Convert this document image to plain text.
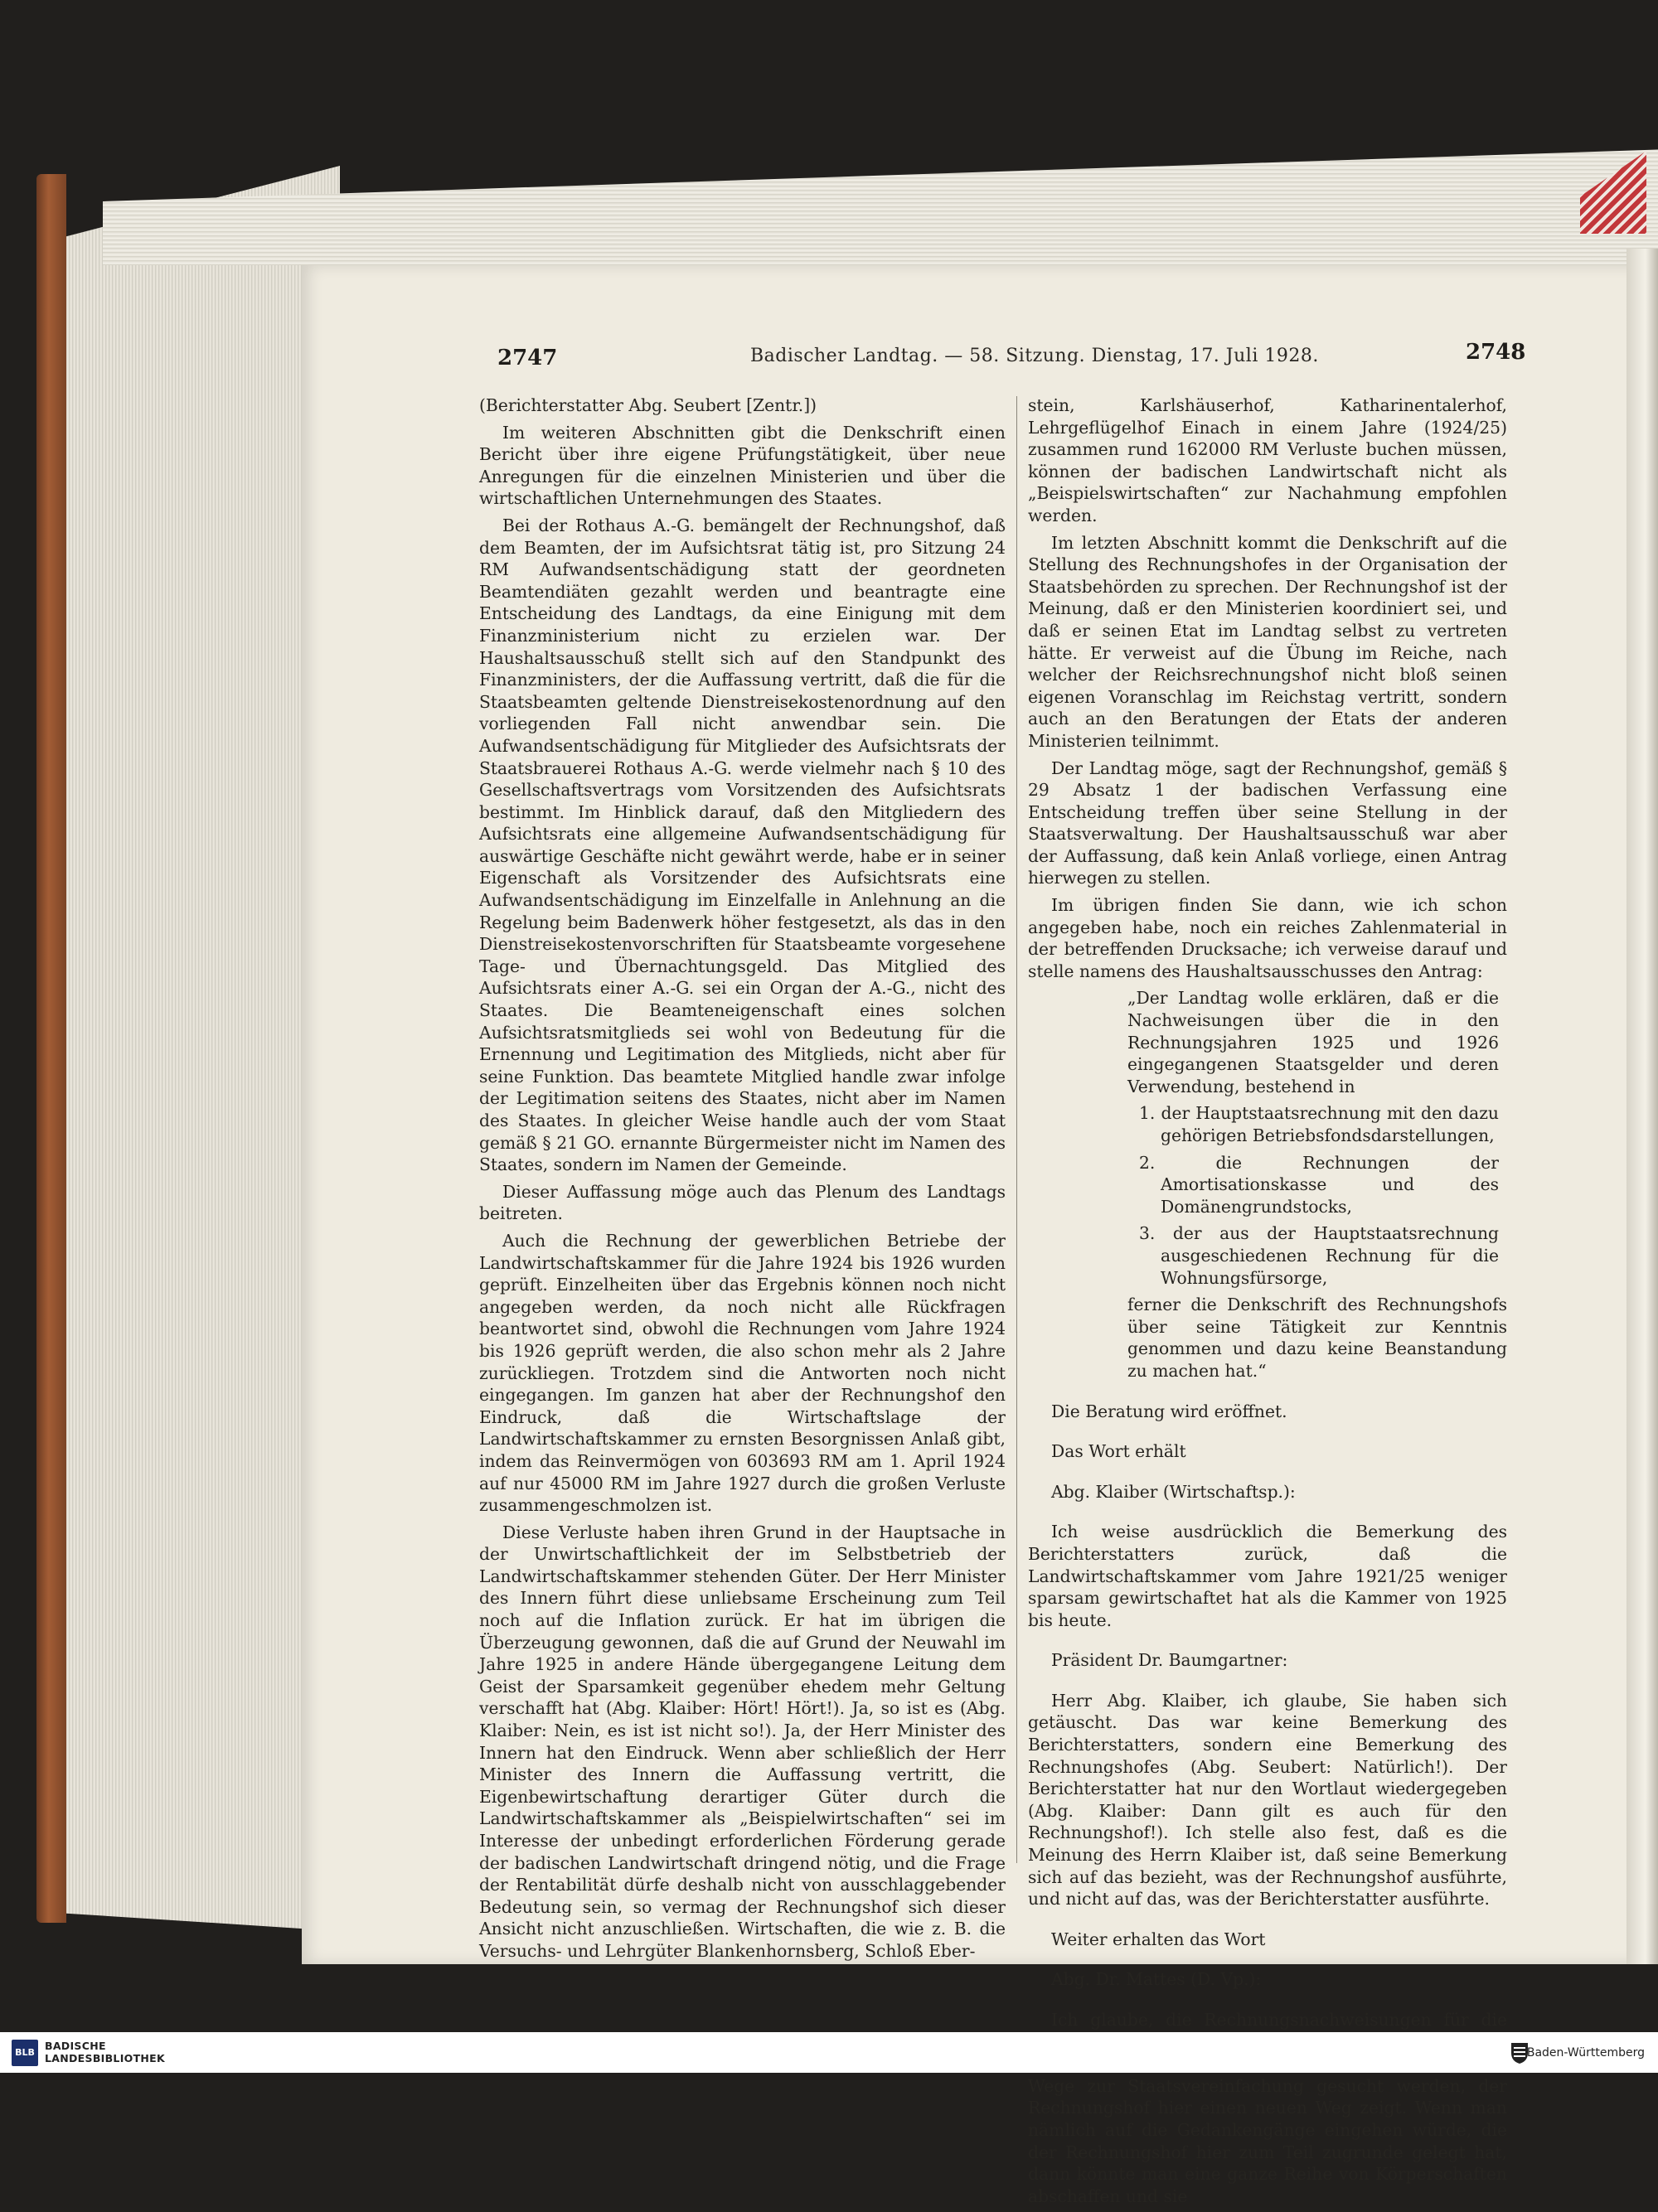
2747	Badischer Landtag. — 58. Sitzung. Dienstag, 17. Juli 1928.	2748

(Berichterstatter Abg. Seubert [Zentr.])

Im weiteren Abschnitten gibt die Denkschrift einen Bericht über ihre eigene Prüfungstätigkeit, über neue Anregungen für die einzelnen Ministerien und über die wirtschaftlichen Unternehmungen des Staates.

Bei der Rothaus A.-G. bemängelt der Rechnungshof, daß dem Beamten, der im Aufsichtsrat tätig ist, pro Sitzung 24 RM Aufwandsentschädigung statt der geordneten Beamtendiäten gezahlt werden und beantragte eine Entscheidung des Landtags, da eine Einigung mit dem Finanzministerium nicht zu erzielen war. Der Haushaltsausschuß stellt sich auf den Standpunkt des Finanzministers, der die Auffassung vertritt, daß die für die Staatsbeamten geltende Dienstreisekostenordnung auf den vorliegenden Fall nicht anwendbar sein. Die Aufwandsentschädigung für Mitglieder des Aufsichtsrats der Staatsbrauerei Rothaus A.-G. werde vielmehr nach § 10 des Gesellschaftsvertrags vom Vorsitzenden des Aufsichtsrats bestimmt. Im Hinblick darauf, daß den Mitgliedern des Aufsichtsrats eine allgemeine Aufwandsentschädigung für auswärtige Geschäfte nicht gewährt werde, habe er in seiner Eigenschaft als Vorsitzender des Aufsichtsrats eine Aufwandsentschädigung im Einzelfalle in Anlehnung an die Regelung beim Badenwerk höher festgesetzt, als das in den Dienstreisekostenvorschriften für Staatsbeamte vorgesehene Tage- und Übernachtungsgeld. Das Mitglied des Aufsichtsrats einer A.-G. sei ein Organ der A.-G., nicht des Staates. Die Beamteneigenschaft eines solchen Aufsichtsratsmitglieds sei wohl von Bedeutung für die Ernennung und Legitimation des Mitglieds, nicht aber für seine Funktion. Das beamtete Mitglied handle zwar infolge der Legitimation seitens des Staates, nicht aber im Namen des Staates. In gleicher Weise handle auch der vom Staat gemäß § 21 GO. ernannte Bürgermeister nicht im Namen des Staates, sondern im Namen der Gemeinde.

Dieser Auffassung möge auch das Plenum des Landtags beitreten.

Auch die Rechnung der gewerblichen Betriebe der Landwirtschaftskammer für die Jahre 1924 bis 1926 wurden geprüft. Einzelheiten über das Ergebnis können noch nicht angegeben werden, da noch nicht alle Rückfragen beantwortet sind, obwohl die Rechnungen vom Jahre 1924 bis 1926 geprüft werden, die also schon mehr als 2 Jahre zurückliegen. Trotzdem sind die Antworten noch nicht eingegangen. Im ganzen hat aber der Rechnungshof den Eindruck, daß die Wirtschaftslage der Landwirtschaftskammer zu ernsten Besorgnissen Anlaß gibt, indem das Reinvermögen von 603693 RM am 1. April 1924 auf nur 45000 RM im Jahre 1927 durch die großen Verluste zusammengeschmolzen ist.

Diese Verluste haben ihren Grund in der Hauptsache in der Unwirtschaftlichkeit der im Selbstbetrieb der Landwirtschaftskammer stehenden Güter. Der Herr Minister des Innern führt diese unliebsame Erscheinung zum Teil noch auf die Inflation zurück. Er hat im übrigen die Überzeugung gewonnen, daß die auf Grund der Neuwahl im Jahre 1925 in andere Hände übergegangene Leitung dem Geist der Sparsamkeit gegenüber ehedem mehr Geltung verschafft hat (Abg. Klaiber: Hört! Hört!). Ja, so ist es (Abg. Klaiber: Nein, es ist ist nicht so!). Ja, der Herr Minister des Innern hat den Eindruck. Wenn aber schließlich der Herr Minister des Innern die Auffassung vertritt, die Eigenbewirtschaftung derartiger Güter durch die Landwirtschaftskammer als „Beispielwirtschaften“ sei im Interesse der unbedingt erforderlichen Förderung gerade der badischen Landwirtschaft dringend nötig, und die Frage der Rentabilität dürfe deshalb nicht von ausschlaggebender Bedeutung sein, so vermag der Rechnungshof sich dieser Ansicht nicht anzuschließen. Wirtschaften, die wie z. B. die Versuchs- und Lehrgüter Blankenhornsberg, Schloß Eber-

stein, Karlshäuserhof, Katharinentalerhof, Lehrgeflügelhof Einach in einem Jahre (1924/25) zusammen rund 162000 RM Verluste buchen müssen, können der badischen Landwirtschaft nicht als „Beispielswirtschaften“ zur Nachahmung empfohlen werden.

Im letzten Abschnitt kommt die Denkschrift auf die Stellung des Rechnungshofes in der Organisation der Staatsbehörden zu sprechen. Der Rechnungshof ist der Meinung, daß er den Ministerien koordiniert sei, und daß er seinen Etat im Landtag selbst zu vertreten hätte. Er verweist auf die Übung im Reiche, nach welcher der Reichsrechnungshof nicht bloß seinen eigenen Voranschlag im Reichstag vertritt, sondern auch an den Beratungen der Etats der anderen Ministerien teilnimmt.

Der Landtag möge, sagt der Rechnungshof, gemäß § 29 Absatz 1 der badischen Verfassung eine Entscheidung treffen über seine Stellung in der Staatsverwaltung. Der Haushaltsausschuß war aber der Auffassung, daß kein Anlaß vorliege, einen Antrag hierwegen zu stellen.

Im übrigen finden Sie dann, wie ich schon angegeben habe, noch ein reiches Zahlenmaterial in der betreffenden Drucksache; ich verweise darauf und stelle namens des Haushaltsausschusses den Antrag:

„Der Landtag wolle erklären, daß er die Nachweisungen über die in den Rechnungsjahren 1925 und 1926 eingegangenen Staatsgelder und deren Verwendung, bestehend in

1. der Hauptstaatsrechnung mit den dazu gehörigen Betriebsfondsdarstellungen,

2. die Rechnungen der Amortisationskasse und des Domänengrundstocks,

3. der aus der Hauptstaatsrechnung ausgeschiedenen Rechnung für die Wohnungsfürsorge,

ferner die Denkschrift des Rechnungshofs über seine Tätigkeit zur Kenntnis genommen und dazu keine Beanstandung zu machen hat.“

Die Beratung wird eröffnet.

Das Wort erhält

Abg. Klaiber (Wirtschaftsp.):

Ich weise ausdrücklich die Bemerkung des Berichterstatters zurück, daß die Landwirtschaftskammer vom Jahre 1921/25 weniger sparsam gewirtschaftet hat als die Kammer von 1925 bis heute.

Präsident Dr. Baumgartner:

Herr Abg. Klaiber, ich glaube, Sie haben sich getäuscht. Das war keine Bemerkung des Berichterstatters, sondern eine Bemerkung des Rechnungshofes (Abg. Seubert: Natürlich!). Der Berichterstatter hat nur den Wortlaut wiedergegeben (Abg. Klaiber: Dann gilt es auch für den Rechnungshof!). Ich stelle also fest, daß es die Meinung des Herrn Klaiber ist, daß seine Bemerkung sich auf das bezieht, was der Rechnungshof ausführte, und nicht auf das, was der Berichterstatter ausführte.

Weiter erhalten das Wort

Abg. Dr. Mattes (D. Vp.):

Ich glaube, die Rechnungsnachweisungen für die Wege zur Staatsvereinfachung gesucht werden, der Rechnungshof hier einen neuen Weg zeigt. Wenn man nämlich auf die Gedankengänge eingehen würde, die der Rechnungshof hier zum Teil zugrunde gelegt hat, dann könnte man eine ganze Reihe von Körperschaften abschaffen und sie

BLB
BADISCHE
LANDESBIBLIOTHEK	Baden-Württemberg
